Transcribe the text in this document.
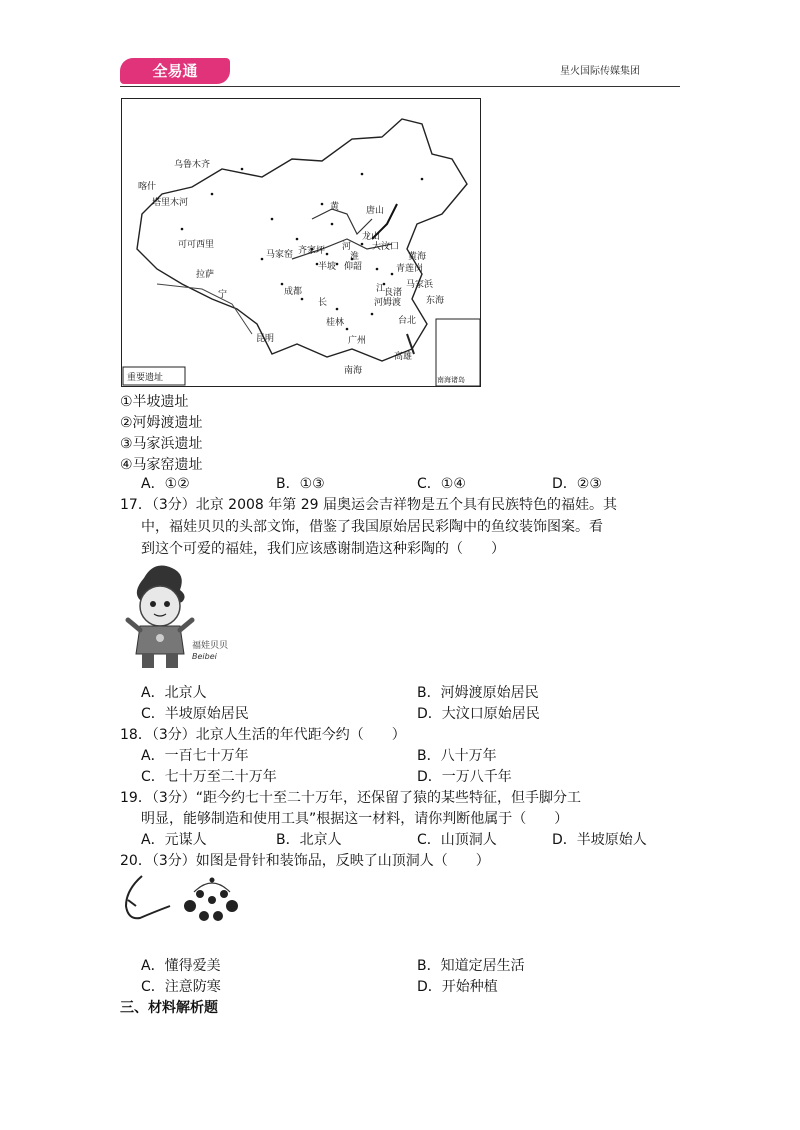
全易通	星火国际传媒集团
乌鲁木齐
喀什
塔里木河
可可西里
拉萨
宁	成都
黄	唐山
龙山
河 大汶口
黄海
青莲岗
马家窑 齐家坪
半坡 仰韶
东海
江
良渚
马家浜
河姆渡
长
桂林	台北
昆明	广州
高雄
南海
淮
重要遗址	南海诸岛
①半坡遗址
②河姆渡遗址
③马家浜遗址
④马家窑遗址
A．①②	B．①③	C．①④	D．②③
17．（3分）北京 2008 年第 29 届奥运会吉祥物是五个具有民族特色的福娃。其
中，福娃贝贝的头部文饰，借鉴了我国原始居民彩陶中的鱼纹装饰图案。看
到这个可爱的福娃，我们应该感谢制造这种彩陶的（　　）
福娃贝贝
Beibei
A．北京人	B．河姆渡原始居民
C．半坡原始居民	D．大汶口原始居民
18．（3分）北京人生活的年代距今约（　　）
A．一百七十万年	B．八十万年
C．七十万至二十万年	D．一万八千年
19．（3分）“距今约七十至二十万年，还保留了猿的某些特征，但手脚分工
明显，能够制造和使用工具”根据这一材料，请你判断他属于（　　）
A．元谋人	B．北京人	C．山顶洞人	D．半坡原始人
20．（3分）如图是骨针和装饰品，反映了山顶洞人（　　）
A．懂得爱美	B．知道定居生活
C．注意防寒	D．开始种植
三、材料解析题
